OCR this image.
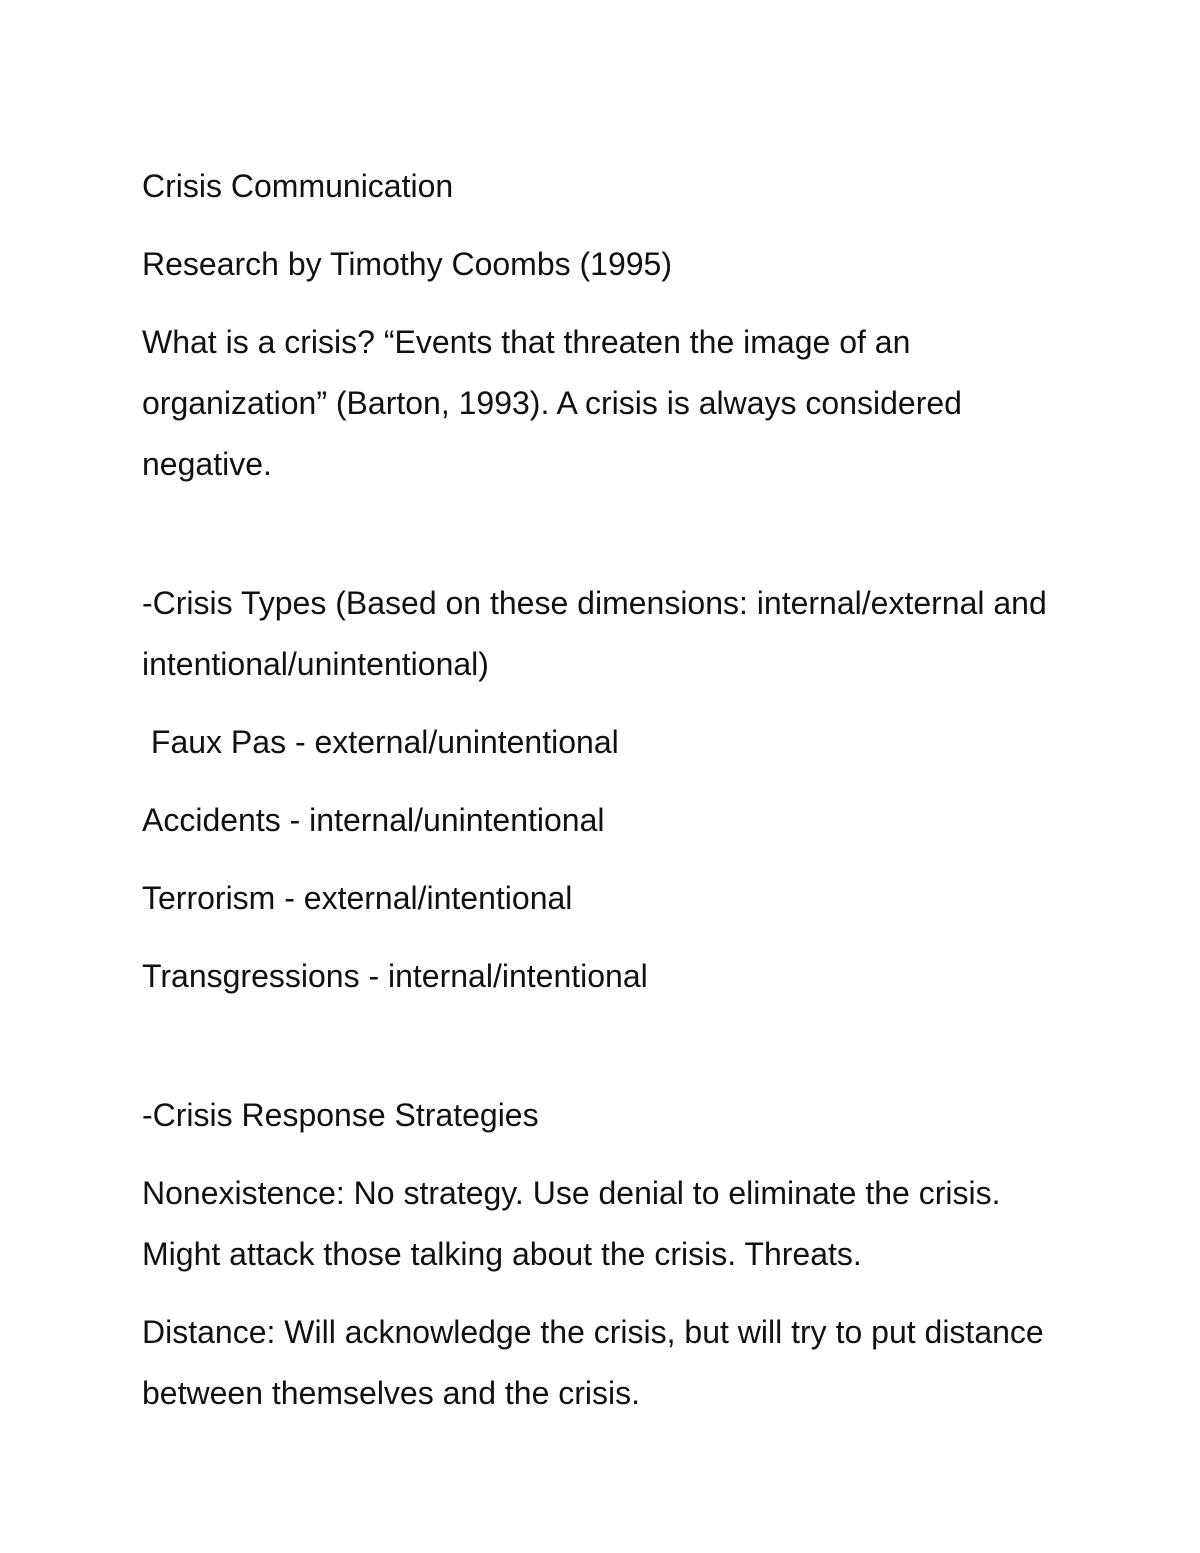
Crisis Communication

Research by Timothy Coombs (1995)

What is a crisis? “Events that threaten the image of an organization” (Barton, 1993). A crisis is always considered negative.

-Crisis Types (Based on these dimensions: internal/external and intentional/unintentional)

Faux Pas - external/unintentional

Accidents - internal/unintentional

Terrorism - external/intentional

Transgressions - internal/intentional

-Crisis Response Strategies

Nonexistence: No strategy. Use denial to eliminate the crisis. Might attack those talking about the crisis. Threats.

Distance: Will acknowledge the crisis, but will try to put distance between themselves and the crisis.
